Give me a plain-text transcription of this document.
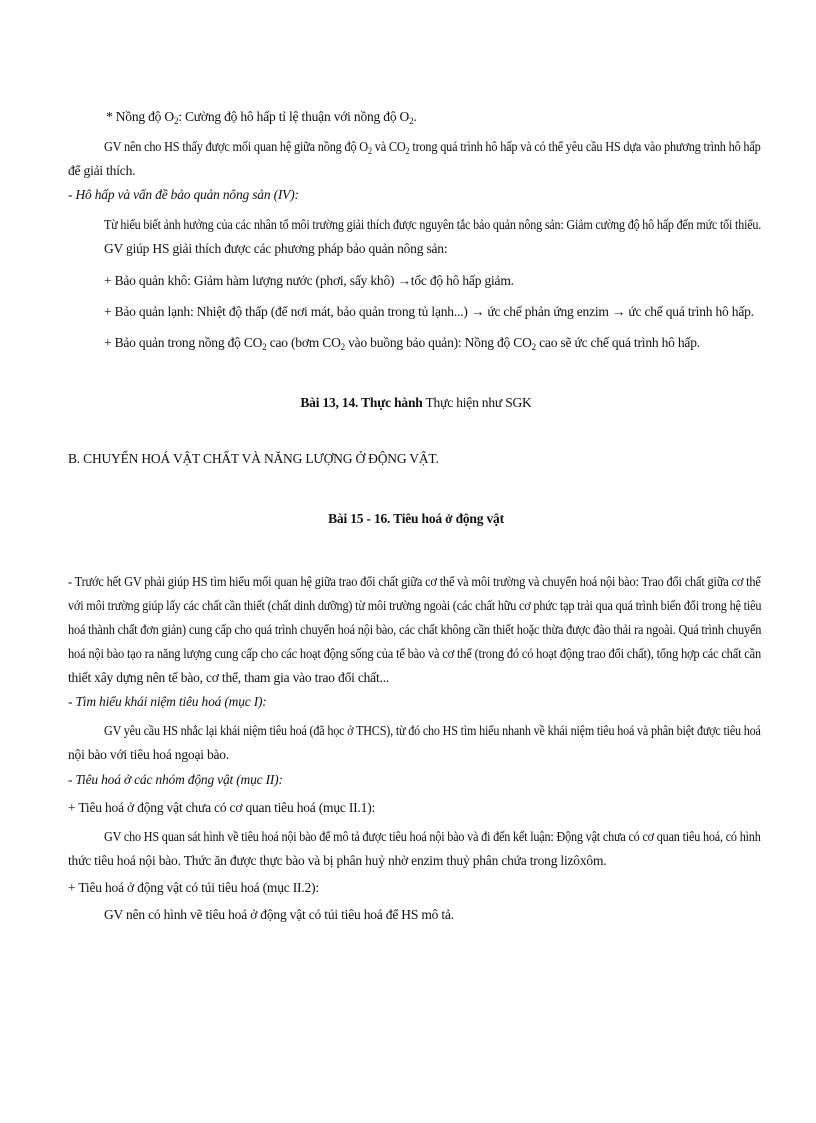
* Nồng độ $O_2$: Cường độ hô hấp tỉ lệ thuận với nồng độ $O_2$.
GV nên cho HS thấy được mối quan hệ giữa nồng độ $O_2$ và $CO_2$ trong quá trình hô hấp và có thể yêu cầu HS dựa vào phương trình hô hấp
để giải thích.
- Hô hấp và vấn đề bảo quản nông sản (IV):
Từ hiểu biết ảnh hưởng của các nhân tố môi trường giải thích được nguyên tắc bảo quản nông sản: Giảm cường độ hô hấp đến mức tối thiểu.
GV giúp HS giải thích được các phương pháp bảo quản nông sản:
+ Bảo quản khô: Giảm hàm lượng nước (phơi, sấy khô) →tốc độ hô hấp giảm.
+ Bảo quản lạnh: Nhiệt độ thấp (để nơi mát, bảo quản trong tủ lạnh...) → ức chế phản ứng enzim → ức chế quá trình hô hấp.
+ Bảo quản trong nồng độ $CO_2$ cao (bơm $CO_2$ vào buồng bảo quản): Nồng độ $CO_2$ cao sẽ ức chế quá trình hô hấp.
Bài 13, 14. Thực hành Thực hiện như SGK
B. CHUYỂN HOÁ VẬT CHẤT VÀ NĂNG LƯỢNG Ở ĐỘNG VẬT.
Bài 15 - 16. Tiêu hoá ở động vật
- Trước hết GV phải giúp HS tìm hiểu mối quan hệ giữa trao đổi chất giữa cơ thể và môi trường và chuyển hoá nội bào: Trao đổi chất giữa cơ thể
với môi trường giúp lấy các chất cần thiết (chất dinh dưỡng) từ môi trường ngoài (các chất hữu cơ phức tạp trải qua quá trình biến đổi trong hệ tiêu
hoá thành chất đơn giản) cung cấp cho quá trình chuyển hoá nội bào, các chất không cần thiết hoặc thừa được đào thải ra ngoài. Quá trình chuyển
hoá nội bào tạo ra năng lượng cung cấp cho các hoạt động sống của tế bào và cơ thể (trong đó có hoạt động trao đổi chất), tổng hợp các chất cần
thiết xây dựng nên tế bào, cơ thể, tham gia vào trao đổi chất...
- Tìm hiểu khái niệm tiêu hoá (mục I):
GV yêu cầu HS nhắc lại khái niệm tiêu hoá (đã học ở THCS), từ đó cho HS tìm hiểu nhanh về khái niệm tiêu hoá và phân biệt được tiêu hoá
nội bào với tiêu hoá ngoại bào.
- Tiêu hoá ở các nhóm động vật (mục II):
+ Tiêu hoá ở động vật chưa có cơ quan tiêu hoá (mục II.1):
GV cho HS quan sát hình về tiêu hoá nội bào để mô tả được tiêu hoá nội bào và đi đến kết luận: Động vật chưa có cơ quan tiêu hoá, có hình
thức tiêu hoá nội bào. Thức ăn được thực bào và bị phân huỷ nhờ enzim thuỷ phân chứa trong lizôxôm.
+ Tiêu hoá ở động vật có túi tiêu hoá (mục II.2):
GV nên có hình vẽ tiêu hoá ở động vật có túi tiêu hoá để HS mô tả.
